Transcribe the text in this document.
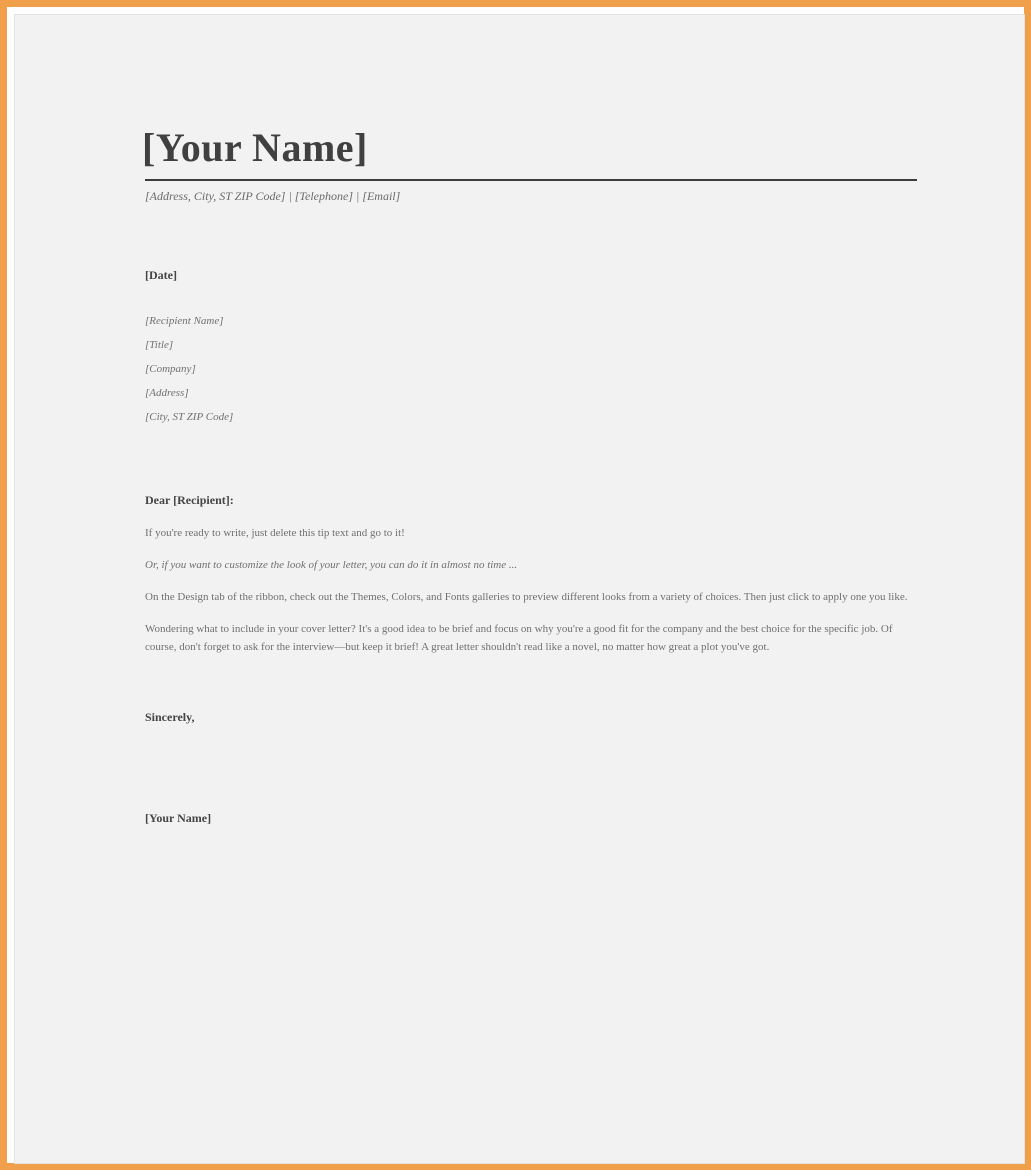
[Your Name]
[Address, City, ST ZIP Code] | [Telephone] | [Email]
[Date]
[Recipient Name]
[Title]
[Company]
[Address]
[City, ST ZIP Code]
Dear [Recipient]:
If you're ready to write, just delete this tip text and go to it!
Or, if you want to customize the look of your letter, you can do it in almost no time ...
On the Design tab of the ribbon, check out the Themes, Colors, and Fonts galleries to preview different looks from a variety of choices. Then just click to apply one you like.
Wondering what to include in your cover letter? It's a good idea to be brief and focus on why you're a good fit for the company and the best choice for the specific job. Of course, don't forget to ask for the interview—but keep it brief! A great letter shouldn't read like a novel, no matter how great a plot you've got.
Sincerely,
[Your Name]
